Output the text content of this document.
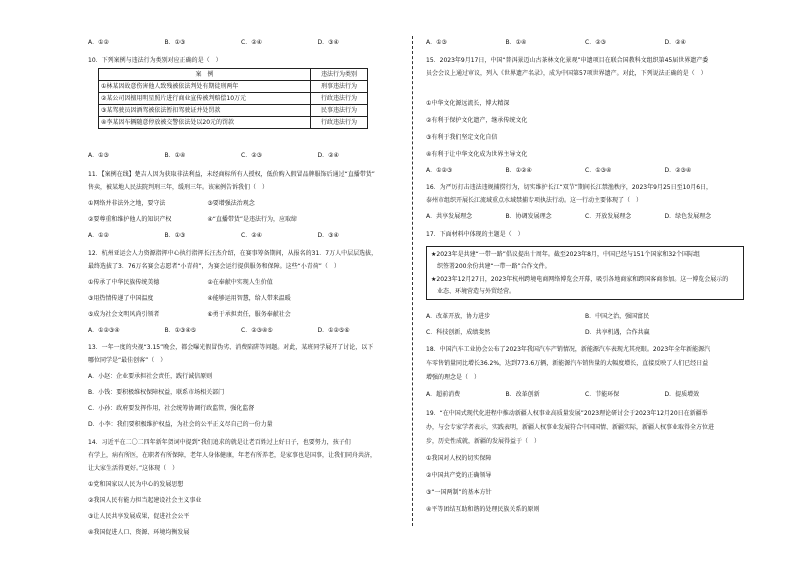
A．①②	B．①③	C．②④	D．③④
10．下列案例与违法行为类别对应正确的是（　）
案　例	违法行为类别
①林某因故意伤害他人致残被依法判处有期徒刑两年	刑事违法行为
②某公司因擅用明星照片进行商业宣传被判赔偿10万元	行政违法行为
③某驾驶员因酒驾被依法暂扣驾驶证并处罚款	民事违法行为
④李某因车辆随意停放被交警依法处以20元的罚款	行政违法行为
A．①③	B．①④	C．②③	D．②④
11．【案例在线】楚吉人因为获取非法利益，未经商标所有人授权，低价购入假冒品牌服饰后通过“直播带货”
售卖，被某地人民法院判刑三年，缓刑三年。该案例告诉我们（　）
①网络并非法外之地，要守法　　　　　　　③要增强法治观念
②要尊重和维护他人的知识产权　　　　　　④“直播带货”是违法行为，应取缔
A．①②	B．①③	C．②④	D．③④
12．杭州亚运会人力资源指挥中心执行指挥长汪杰介绍，在赛事筹备期间，从报名的31．7万人中层层选拔，
最终选拔了3．76万名赛会志愿者“小青荷”，为赛会运行提供服务和保障。这些“小青荷”（　）
①传承了中华民族传统美德　　　　　　　　②在奉献中实现人生价值
③用热情传递了中国温度　　　　　　　　　④能够运用智慧，给人带来温暖
⑤成为社会文明风尚引领者　　　　　　　　⑥勇于承担责任，服务奉献社会
A．①②③④	B．①③④⑤	C．②③④⑤	D．①②⑤⑥
13．一年一度的央视“3.15”晚会，都会曝光假冒伪劣、消费陷阱等问题。对此，某班同学展开了讨论，以下
哪位同学是“最佳创客”（　）
A．小赵：企业要承担社会责任，践行诚信原则　　
B．小钱：要积极维权保障权益，联系市场相关部门
C．小孙：政府要发挥作用，社会统筹协调行政监管，强化监督
D．小李：我们要积极维护权益，为社会的公平正义尽自己的一份力量
14．习近平在二〇二四年新年贺词中提到“我们追求的就是让老百姓过上好日子，也要努力，孩子们
有学上，病有所医，在职者有所保障，老年人身体健康，年老有所养老，是家事也是国事，让我们同舟共济，
让大家生活得更好。”这体现（　）
①党和国家以人民为中心的发展思想
②我国人民有能力担当起建设社会主义事业
③让人民共享发展成果，促进社会公平
④我国促进人口、资源、环境均衡发展
A．①③	B．①④	C．②③	D．②④
15．2023年9月17日，中国“普洱景迈山古茶林文化景观”申遗项目在联合国教科文组织第45届世界遗产委
员会会议上通过审议，列入《世界遗产名录》，成为中国第57项世界遗产。对此，下列说法正确的是（　）
①中华文化源远流长，博大精深
②有利于保护文化遗产，继承传统文化
③有利于我们坚定文化自信
④有利于让中华文化成为世界主导文化
A．①②③	B．①②④	C．①③④	D．②③④
16．为严厉打击违法违规捕捞行为，切实维护长江“双节”期间长江禁渔秩序，2023年9月25日至10月6日，
泰州市组织开展长江流域重点水域禁捕专项执法行动。这一行动主要体现了（　）
A．共享发展理念	B．协调发展理念	C．开放发展理念	D．绿色发展理念
17．下面材料中体现的主题是（　）
★2023年是共建“一带一路”倡议提出十周年。截至2023年8月，中国已经与151个国家和32个国际组
　织签署200余份共建“一带一路”合作文件。
★2023年12月27日，2023年杭州跨境电商网络博览会开幕，吸引各地商家和跨国客商参加。这一博览会展示的
　业态、环境营造与外贸经营。
A．改革开放，协力进步	B．中国之治，强国富民
C．科技创新，成绩斐然	D．共享机遇，合作共赢
18．中国汽车工业协会公布了2023年我国汽车产销情况，新能源汽车表现尤其亮眼。2023年全年新能源汽
车零售销量同比增长36.2%，达到773.6万辆，新能源汽车销售量的大幅度增长，直接反映了人们已经日益
增强的理念是（　）
A．超前消费	B．改革创新	C．节能环保	D．提质增效
19．“在中国式现代化进程中推动新疆人权事业高质量发展”2023理论研讨会于2023年12月20日在新疆举
办，与会专家学者表示，实践表明，新疆人权事业发展符合中国国情、新疆实际，新疆人权事业取得全方位进
步，历史性成就，新疆的发展得益于（　）
①我国对人权的切实保障
②中国共产党的正确领导
③“一国两制”的基本方针
④平等团结互助和谐的处理民族关系的原则
